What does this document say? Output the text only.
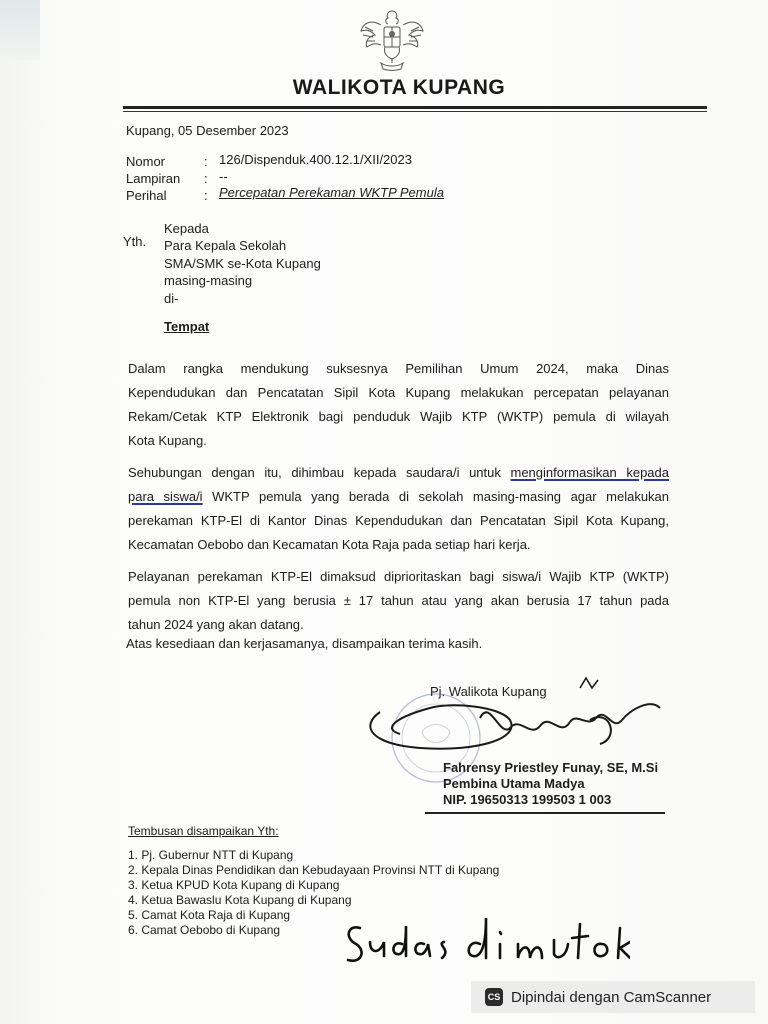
WALIKOTA KUPANG
Kupang, 05 Desember 2023
Nomor	: 126/Dispenduk.400.12.1/XII/2023
Lampiran : --
Perihal	: Percepatan Perekaman WKTP Pemula
Yth.
Kepada
Para Kepala Sekolah
SMA/SMK se-Kota Kupang
masing-masing
di-
Tempat
Dalam rangka mendukung suksesnya Pemilihan Umum 2024, maka Dinas
Kependudukan dan Pencatatan Sipil Kota Kupang melakukan percepatan pelayanan
Rekam/Cetak KTP Elektronik bagi penduduk Wajib KTP (WKTP) pemula di wilayah
Kota Kupang.
Sehubungan dengan itu, dihimbau kepada saudara/i untuk menginformasikan kepada
para siswa/i WKTP pemula yang berada di sekolah masing-masing agar melakukan
perekaman KTP-El di Kantor Dinas Kependudukan dan Pencatatan Sipil Kota Kupang,
Kecamatan Oebobo dan Kecamatan Kota Raja pada setiap hari kerja.
Pelayanan perekaman KTP-El dimaksud diprioritaskan bagi siswa/i Wajib KTP (WKTP)
pemula non KTP-El yang berusia ± 17 tahun atau yang akan berusia 17 tahun pada
tahun 2024 yang akan datang.
Atas kesediaan dan kerjasamanya, disampaikan terima kasih.
Pj. Walikota Kupang
Fahrensy Priestley Funay, SE, M.Si
Pembina Utama Madya
NIP. 19650313 199503 1 003
Tembusan disampaikan Yth:
1. Pj. Gubernur NTT di Kupang
2. Kepala Dinas Pendidikan dan Kebudayaan Provinsi NTT di Kupang
3. Ketua KPUD Kota Kupang di Kupang
4. Ketua Bawaslu Kota Kupang di Kupang
5. Camat Kota Raja di Kupang
6. Camat Oebobo di Kupang
CS Dipindai dengan CamScanner
